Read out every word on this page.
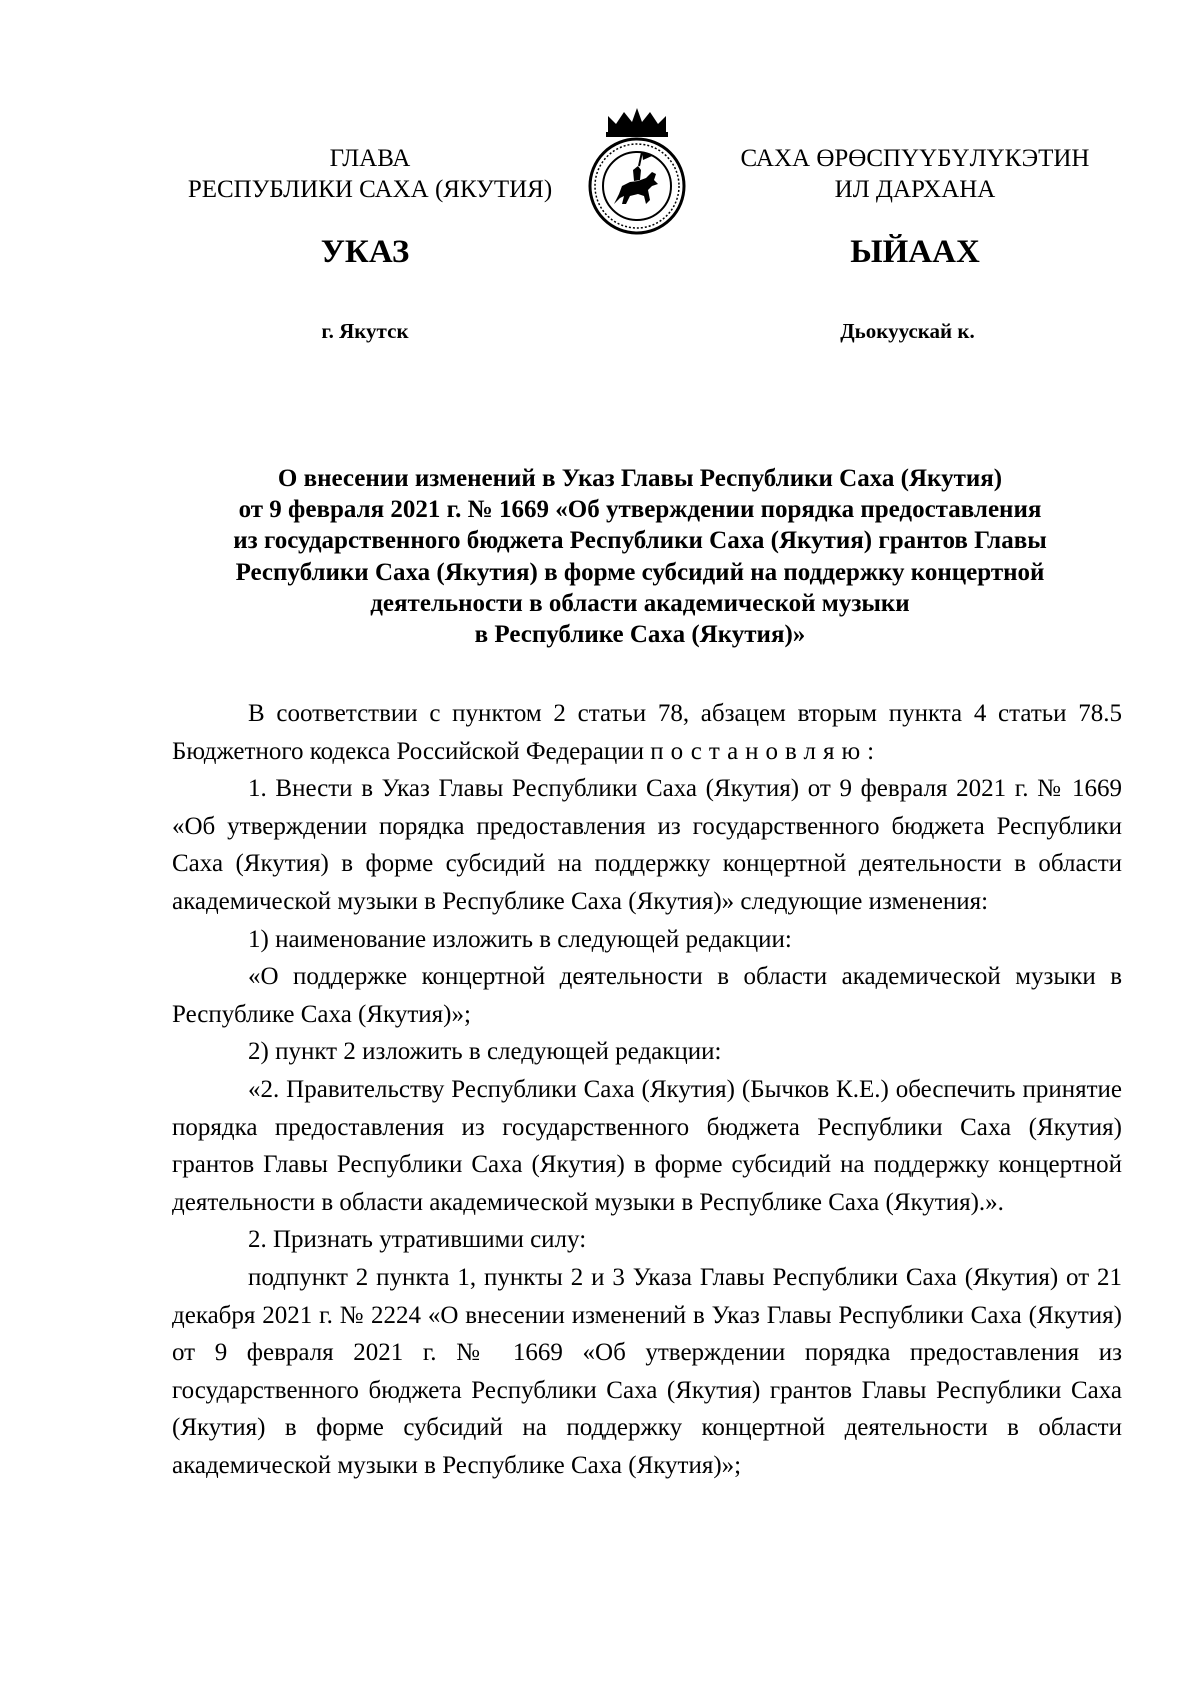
ГЛАВА
РЕСПУБЛИКИ САХА (ЯКУТИЯ)
САХА ӨРӨСПҮҮБҮЛҮКЭТИН
ИЛ ДАРХАНА
УКАЗ	ЫЙААХ
г. Якутск	Дьокуускай к.
О внесении изменений в Указ Главы Республики Саха (Якутия)
от 9 февраля 2021 г. № 1669 «Об утверждении порядка предоставления
из государственного бюджета Республики Саха (Якутия) грантов Главы
Республики Саха (Якутия) в форме субсидий на поддержку концертной
деятельности в области академической музыки
в Республике Саха (Якутия)»

В соответствии с пунктом 2 статьи 78, абзацем вторым пункта 4 статьи 78.5 Бюджетного кодекса Российской Федерации постановляю:

1. Внести в Указ Главы Республики Саха (Якутия) от 9 февраля 2021 г. № 1669 «Об утверждении порядка предоставления из государственного бюджета Республики Саха (Якутия) в форме субсидий на поддержку концертной деятельности в области академической музыки в Республике Саха (Якутия)» следующие изменения:

1) наименование изложить в следующей редакции:

«О поддержке концертной деятельности в области академической музыки в Республике Саха (Якутия)»;

2) пункт 2 изложить в следующей редакции:

«2. Правительству Республики Саха (Якутия) (Бычков К.Е.) обеспечить принятие порядка предоставления из государственного бюджета Республики Саха (Якутия) грантов Главы Республики Саха (Якутия) в форме субсидий на поддержку концертной деятельности в области академической музыки в Республике Саха (Якутия).».

2. Признать утратившими силу:

подпункт 2 пункта 1, пункты 2 и 3 Указа Главы Республики Саха (Якутия) от 21 декабря 2021 г. № 2224 «О внесении изменений в Указ Главы Республики Саха (Якутия) от 9 февраля 2021 г. № 1669 «Об утверждении порядка предоставления из государственного бюджета Республики Саха (Якутия) грантов Главы Республики Саха (Якутия) в форме субсидий на поддержку концертной деятельности в области академической музыки в Республике Саха (Якутия)»;
